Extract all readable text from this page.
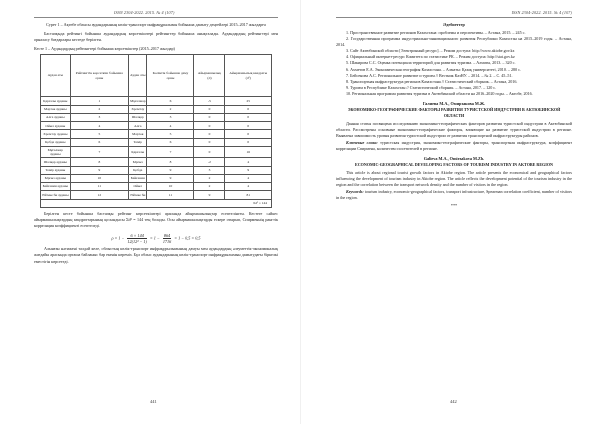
ISSN 2304-2022. 2015. № 4 (107)

Сурет 1 – Ақтөбе облысы аудандарының көлік-транспорт инфрақұрылымы бойынша дамыту деңгейлері 2015–2017 жылдарға

Бастапқыда рейтингі бойынша аудандардың көрсеткіштері рейтингтер бойынша анықталады. Аудандардың рейтингтері мен орналасу бағдарлары кестеде берілген.

Кесте 1 – Аудандардың рейтингтері бойынша көрсеткіштер (2015–2017 жылдар)

Аудан аты	Рейтингтік көрсеткіш бойынша орны	Аудан аты	Көліктік бойынша даму орны	Айырмашылық (d)	Айырмашылық квадраты (d²)
Қарғалы ауданы	1	Мұғалжар	6	-5	25
Мәртөк ауданы	2	Хромтау	2	0	0
Алға ауданы	3	Шалқар	3	0	0
Ойыл ауданы	4	Алға	4	0	0
Хромтау ауданы	5	Мәртөк	5	0	0
Қобда ауданы	6	Темір	6	0	0
Мұғалжар ауданы	7	Қарғалы	7	0	16
Шалқар ауданы	8	Ырғыз	8	-2	4
Темір ауданы	9	Қобда	9	3	9
Ырғыз ауданы	10	Байғанин	9	2	4
Байғанин ауданы	11	Ойыл	10	2	4
Әйтеке би ауданы	12	Әйтеке би	11	9	81
Σd² = 144					

Берілген кесте бойынша бастапқы рейтинг көрсеткіштері арасында айырмашылықтар есептелінген. Кестеге сәйкес айырмашылықтардың квадраттарының қосындысы Σd² = 144 тең болады. Осы айырмашылықтарды ескере отырып, Спирменнің рангтік корреляция коэффициенті есептеледі.

$\rho = 1 - \frac{6 \times 144}{\text{12(12² − 1)}} = 1 - \frac{864}{1716} = 1 - 0,5 = 0,5$

Алынған нәтижені талдай келе, облыстың көлік-транспорт инфрақұрылымының дамуы мен аудандардың әлеуметтік-экономикалық жағдайы арасында орташа байланыс бар екенін көреміз. Бұл облыс аудандарының көлік-транспорт инфрақұрылымын дамытудағы біркелкі еместігін көрсетеді.

441
ISSN 2304-2022. 2015. № 4 (107)
Әдебиеттер

1. Пространственное развитие регионов Казахстана: проблемы и перспективы. – Астана, 2015. – 245 с.

2. Государственная программа индустриально-инновационного развития Республики Казахстан на 2015–2019 годы. – Астана, 2014.

3. Сайт Актюбинской области [Электронный ресурс]. – Режим доступа: http://www.aktobe.gov.kz

4. Официальный интернет-ресурс Комитета по статистике РК. – Режим доступа: http://stat.gov.kz

5. Шакирова С.С. Оценка потенциала территорий для развития туризма. – Алматы, 2013. – 320 с.

6. Ахметов Е.А. Экономическая география Казахстана. – Алматы: Қазақ университеті, 2010. – 280 с.

7. Бейсенова А.С. Региональное развитие и туризм // Вестник КазНУ. – 2014. – № 2. – С. 45–51.

8. Транспортная инфраструктура регионов Казахстана // Статистический сборник. – Астана, 2016.

9. Туризм в Республике Казахстан // Статистический сборник. – Астана, 2017. – 120 с.

10. Региональная программа развития туризма в Актюбинской области на 2016–2020 годы. – Актобе, 2016.

Галиева М.А., Омирзакова М.Ж.
ЭКОНОМИКО-ГЕОГРАФИЧЕСКИЕ ФАКТОРЫ РАЗВИТИЯ ТУРИСТСКОЙ ИНДУСТРИИ В АКТЮБИНСКОЙ ОБЛАСТИ

Данная статья посвящена исследованию экономико-географических факторов развития туристской индустрии в Актюбинской области. Рассмотрены основные экономико-географические факторы, влияющие на развитие туристской индустрии в регионе. Выявлена зависимость уровня развития туристской индустрии от развития транспортной инфраструктуры районов.

Ключевые слова: туристская индустрия, экономико-географические факторы, транспортная инфраструктура, коэффициент корреляции Спирмена, количество посетителей в регионе.

Galieva M.A., Omirzakova M.Zh.
ECONOMIC-GEOGRAPHICAL DEVELOPING FACTORS OF TOURISM INDUSTRY IN AKTOBE REGION

This article is about regional tourist growth factors in Aktobe region. The article presents the economical and geographical factors influencing the development of tourism industry in Aktobe region. The article reflects the development potential of the tourism industry in the region and the correlation between the transport network density and the number of visitors in the region.

Keywords: tourism industry, economic-geographical factors, transport infrastructure, Spearman correlation coefficient, number of visitors in the region.

***
442
